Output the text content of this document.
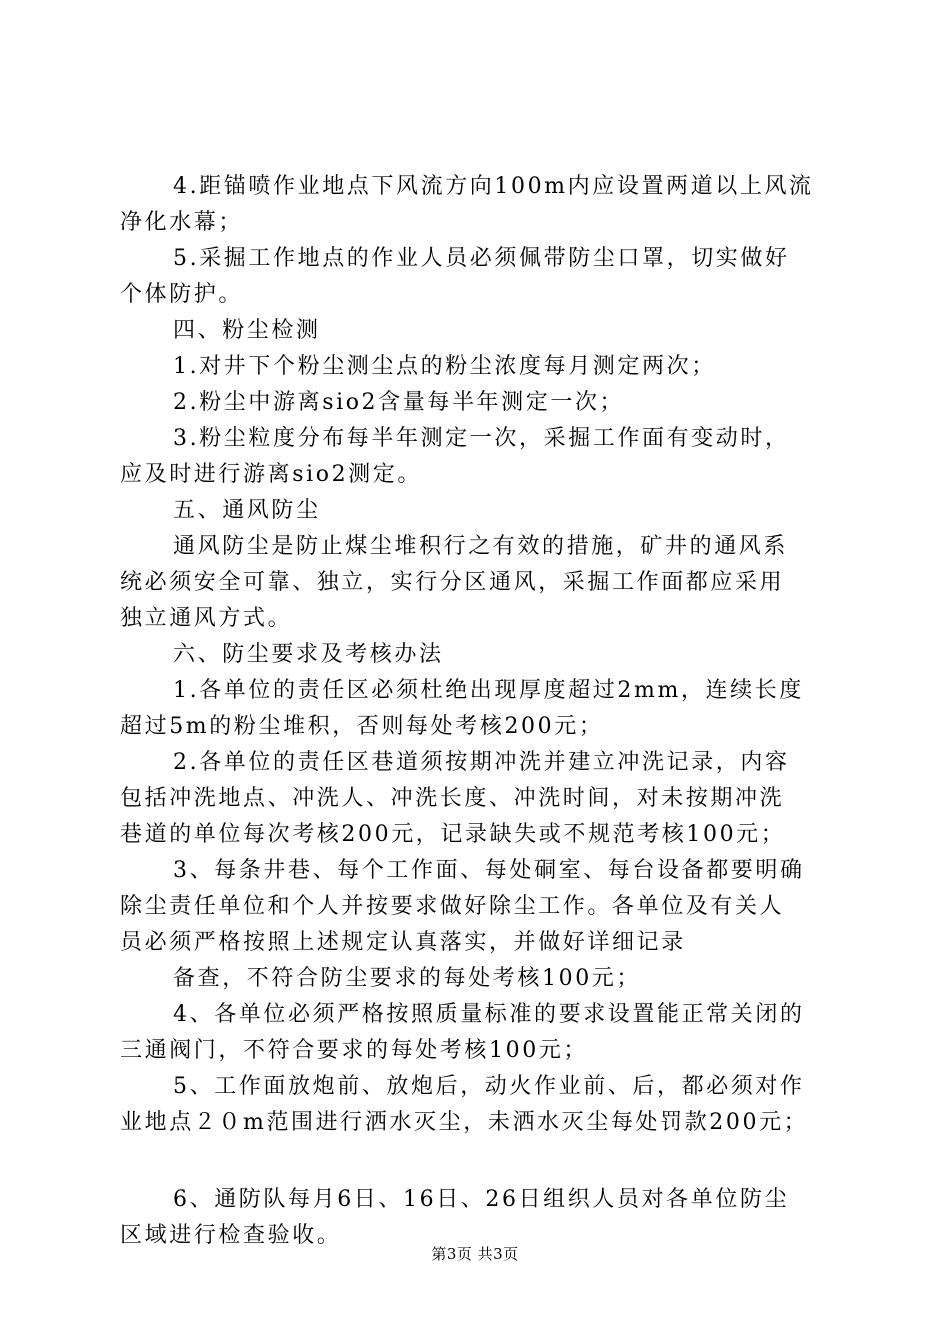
4.距锚喷作业地点下风流方向100m内应设置两道以上风流
净化水幕；
5.采掘工作地点的作业人员必须佩带防尘口罩，切实做好
个体防护。
四、粉尘检测
1.对井下个粉尘测尘点的粉尘浓度每月测定两次；
2.粉尘中游离sio2含量每半年测定一次；
3.粉尘粒度分布每半年测定一次，采掘工作面有变动时，
应及时进行游离sio2测定。
五、通风防尘
通风防尘是防止煤尘堆积行之有效的措施，矿井的通风系
统必须安全可靠、独立，实行分区通风，采掘工作面都应采用
独立通风方式。
六、防尘要求及考核办法
1.各单位的责任区必须杜绝出现厚度超过2mm，连续长度
超过5m的粉尘堆积，否则每处考核200元；
2.各单位的责任区巷道须按期冲洗并建立冲洗记录，内容
包括冲洗地点、冲洗人、冲洗长度、冲洗时间，对未按期冲洗
巷道的单位每次考核200元，记录缺失或不规范考核100元；
3、每条井巷、每个工作面、每处硐室、每台设备都要明确
除尘责任单位和个人并按要求做好除尘工作。各单位及有关人
员必须严格按照上述规定认真落实，并做好详细记录
备查，不符合防尘要求的每处考核100元；
4、各单位必须严格按照质量标准的要求设置能正常关闭的
三通阀门，不符合要求的每处考核100元；
5、工作面放炮前、放炮后，动火作业前、后，都必须对作
业地点２０m范围进行洒水灭尘，未洒水灭尘每处罚款200元；
6、通防队每月6日、16日、26日组织人员对各单位防尘
区域进行检查验收。
第3页 共3页
